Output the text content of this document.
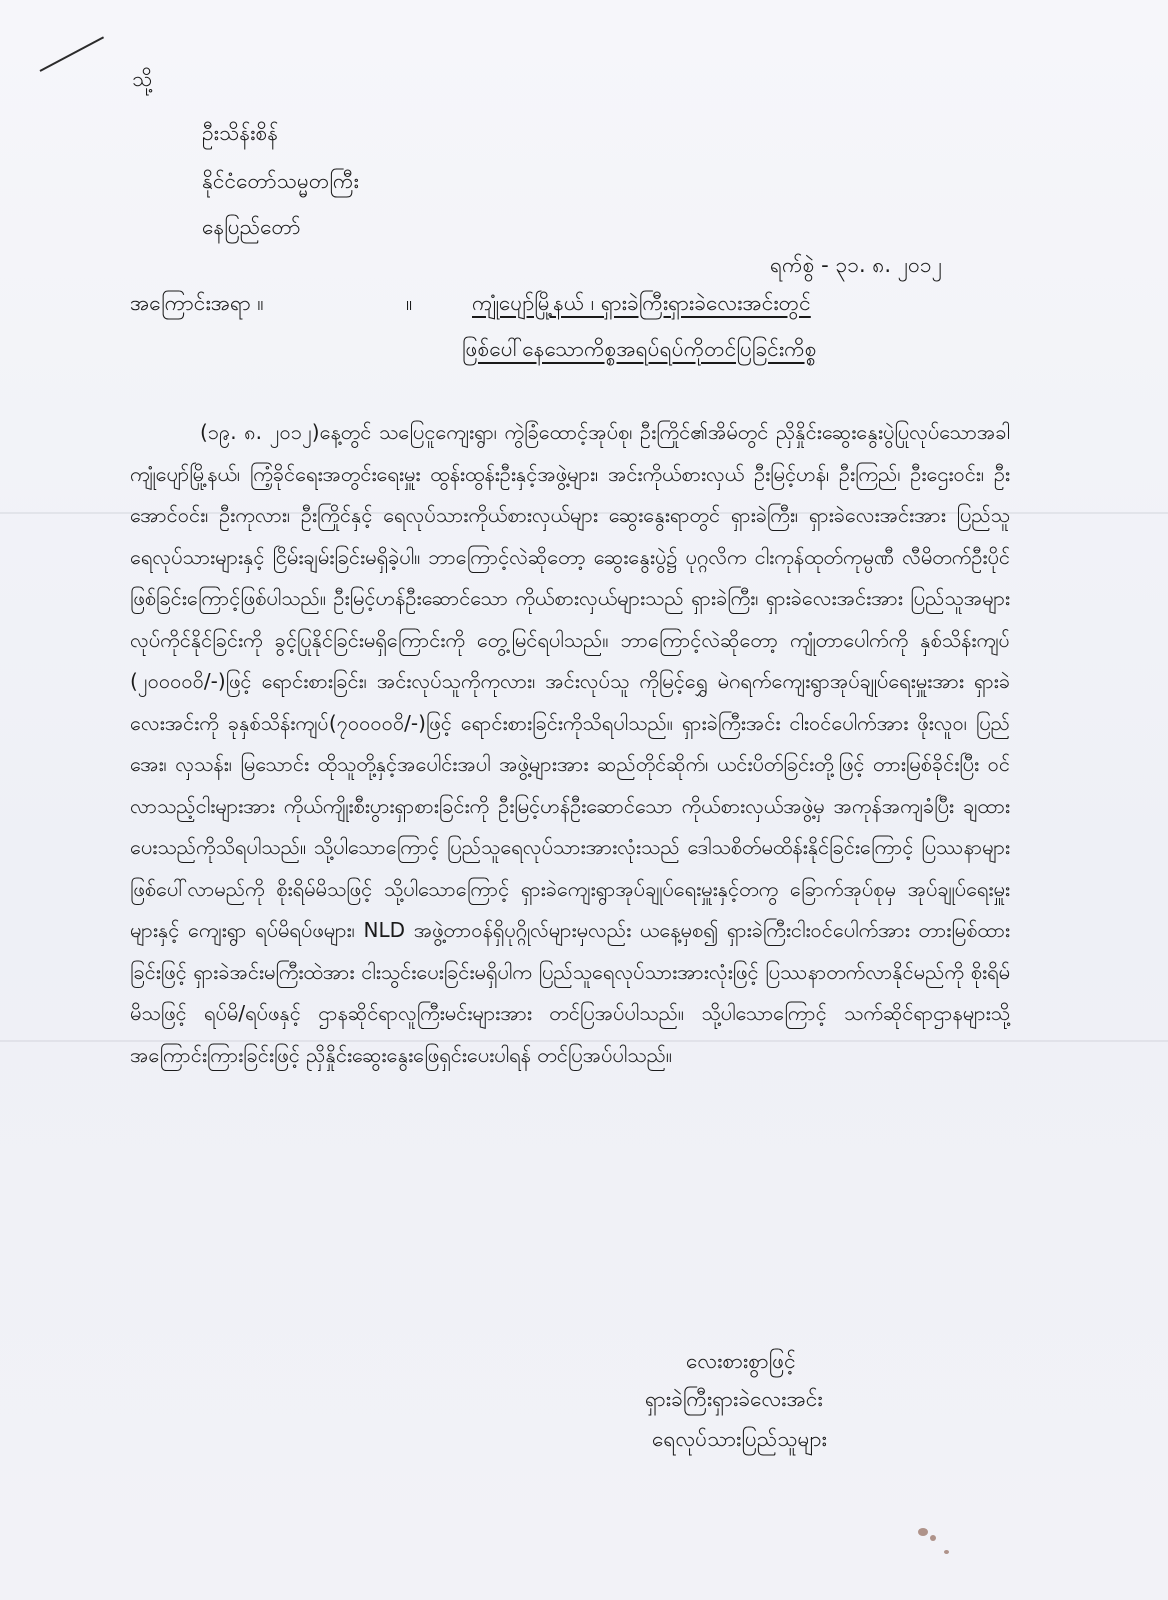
သို့
ဦးသိန်းစိန်
နိုင်ငံတော်သမ္မတကြီး
နေပြည်တော်
ရက်စွဲ - ၃၁. ၈. ၂၀၁၂
အကြောင်းအရာ ။	။	ကျုံပျော်မြို့နယ် ၊ ရှားခဲကြီးရှားခဲလေးအင်းတွင်
ဖြစ်ပေါ်နေသောကိစ္စအရပ်ရပ်ကိုတင်ပြခြင်းကိစ္စ
(၁၉. ၈. ၂၀၁၂)နေ့တွင် သပြေငူကျေးရွာ၊ ကွဲခြံထောင့်အုပ်စု၊ ဦးကြိုင်၏အိမ်တွင် ညှိနှိုင်းဆွေးနွေးပွဲပြုလုပ်သောအခါ ကျုံပျော်မြို့နယ်၊ ကြံ့ခိုင်ရေးအတွင်းရေးမှူး ထွန်းထွန်းဦးနှင့်အဖွဲ့များ၊ အင်းကိုယ်စားလှယ် ဦးမြင့်ဟန်၊ ဦးကြည်၊ ဦးဌေးဝင်း၊ ဦးအောင်ဝင်း၊ ဦးကုလား၊ ဦးကြိုင်နှင့် ရေလုပ်သားကိုယ်စားလှယ်များ ဆွေးနွေးရာတွင် ရှားခဲကြီး၊ ရှားခဲလေးအင်းအား ပြည်သူရေလုပ်သားများနှင့် ငြိမ်းချမ်းခြင်းမရှိခဲ့ပါ။ ဘာကြောင့်လဲဆိုတော့ ဆွေးနွေးပွဲ၌ ပုဂ္ဂလိက ငါးကုန်ထုတ်ကုမ္ပဏီ လီမိတက်ဦးပိုင်ဖြစ်ခြင်းကြောင့်ဖြစ်ပါသည်။ ဦးမြင့်ဟန်ဦးဆောင်သော ကိုယ်စားလှယ်များသည် ရှားခဲကြီး၊ ရှားခဲလေးအင်းအား ပြည်သူအများ လုပ်ကိုင်နိုင်ခြင်းကို ခွင့်ပြုနိုင်ခြင်းမရှိကြောင်းကို တွေ့မြင်ရပါသည်။ ဘာကြောင့်လဲဆိုတော့ ကျုံတာပေါက်ကို နှစ်သိန်းကျပ် (၂၀၀၀၀၀ိ/-)ဖြင့် ရောင်းစားခြင်း၊ အင်းလုပ်သူကိုကုလား၊ အင်းလုပ်သူ ကိုမြင့်ရွှေ မဲဂရက်ကျေးရွာအုပ်ချုပ်ရေးမှူးအား ရှားခဲလေးအင်းကို ခုနှစ်သိန်းကျပ်(၇၀၀၀၀၀ိ/-)ဖြင့် ရောင်းစားခြင်းကိုသိရပါသည်။ ရှားခဲကြီးအင်း ငါးဝင်ပေါက်အား ဖိုးလူဝ၊ ပြည်အေး၊ လှသန်း၊ မြသောင်း ထိုသူတို့နှင့်အပေါင်းအပါ အဖွဲ့များအား ဆည်တိုင်ဆိုက်၊ ယင်းပိတ်ခြင်းတို့ဖြင့် တားမြစ်ခိုင်းပြီး ဝင်လာသည့်ငါးများအား ကိုယ်ကျိုးစီးပွားရှာစားခြင်းကို ဦးမြင့်ဟန်ဦးဆောင်သော ကိုယ်စားလှယ်အဖွဲ့မှ အကုန်အကျခံပြီး ချထားပေးသည်ကိုသိရပါသည်။ သို့ပါသောကြောင့် ပြည်သူရေလုပ်သားအားလုံးသည် ဒေါသစိတ်မထိန်းနိုင်ခြင်းကြောင့် ပြဿနာများ ဖြစ်ပေါ်လာမည်ကို စိုးရိမ်မိသဖြင့် သို့ပါသောကြောင့် ရှားခဲကျေးရွာအုပ်ချုပ်ရေးမှူးနှင့်တကွ ခြောက်အုပ်စုမှ အုပ်ချုပ်ရေးမှူးများနှင့် ကျေးရွာ ရပ်မိရပ်ဖများ၊ NLD အဖွဲ့တာဝန်ရှိပုဂ္ဂိုလ်များမှလည်း ယနေ့မှစ၍ ရှားခဲကြီးငါးဝင်ပေါက်အား တားမြစ်ထားခြင်းဖြင့် ရှားခဲအင်းမကြီးထဲအား ငါးသွင်းပေးခြင်းမရှိပါက ပြည်သူရေလုပ်သားအားလုံးဖြင့် ပြဿနာတက်လာနိုင်မည်ကို စိုးရိမ်မိသဖြင့် ရပ်မိ/ရပ်ဖနှင့် ဌာနဆိုင်ရာလူကြီးမင်းများအား တင်ပြအပ်ပါသည်။ သို့ပါသောကြောင့် သက်ဆိုင်ရာဌာနများသို့ အကြောင်းကြားခြင်းဖြင့် ညှိနှိုင်းဆွေးနွေးဖြေရှင်းပေးပါရန် တင်ပြအပ်ပါသည်။
လေးစားစွာဖြင့်
ရှားခဲကြီးရှားခဲလေးအင်း
ရေလုပ်သားပြည်သူများ
